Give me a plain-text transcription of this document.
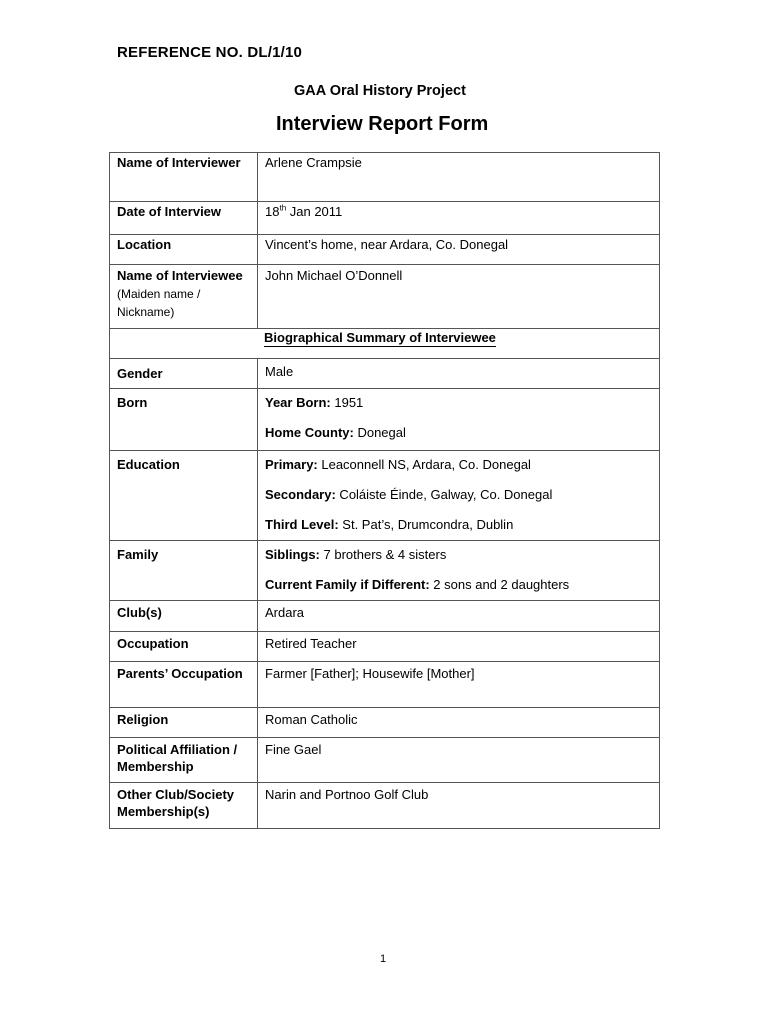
REFERENCE NO. DL/1/10
GAA Oral History Project
Interview Report Form
Name of Interviewer	Arlene Crampsie
Date of Interview	18th Jan 2011
Location	Vincent’s home, near Ardara, Co. Donegal
Name of Interviewee (Maiden name / Nickname)	John Michael O’Donnell
Biographical Summary of Interviewee	
Gender	Male
Born	Year Born: 1951
Home County: Donegal

Education	Primary: Leaconnell NS, Ardara, Co. Donegal
Secondary: Coláiste Éinde, Galway, Co. Donegal
Third Level: St. Pat’s, Drumcondra, Dublin

Family	Siblings: 7 brothers & 4 sisters
Current Family if Different: 2 sons and 2 daughters

Club(s)	Ardara
Occupation	Retired Teacher
Parents’ Occupation	Farmer [Father]; Housewife [Mother]
Religion	Roman Catholic
Political Affiliation / Membership	Fine Gael
Other Club/Society Membership(s)	Narin and Portnoo Golf Club
1
